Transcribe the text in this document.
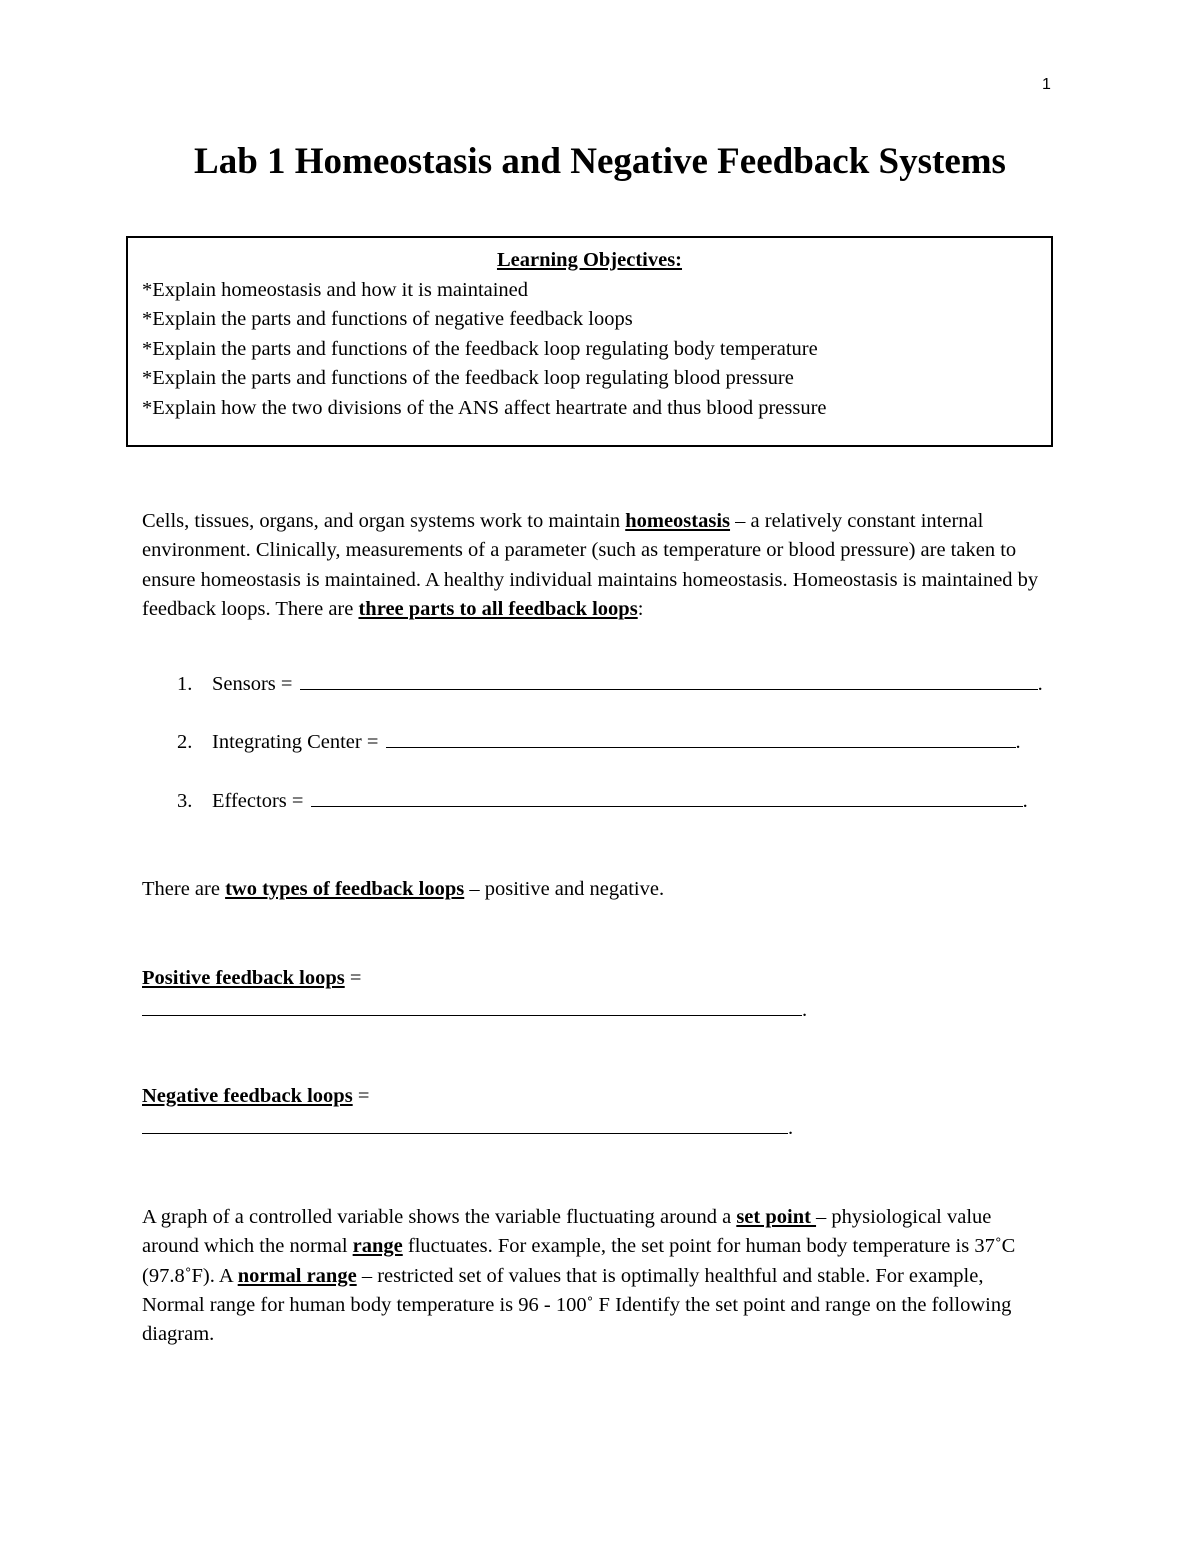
1
Lab 1 Homeostasis and Negative Feedback Systems
Learning Objectives:
*Explain homeostasis and how it is maintained
*Explain the parts and functions of negative feedback loops
*Explain the parts and functions of the feedback loop regulating body temperature
*Explain the parts and functions of the feedback loop regulating blood pressure
*Explain how the two divisions of the ANS affect heartrate and thus blood pressure

Cells, tissues, organs, and organ systems work to maintain homeostasis – a relatively constant internal environment. Clinically, measurements of a parameter (such as temperature or blood pressure) are taken to ensure homeostasis is maintained. A healthy individual maintains homeostasis. Homeostasis is maintained by feedback loops. There are three parts to all feedback loops:

1. Sensors =	.
2. Integrating Center =	.
3. Effectors =	.

There are two types of feedback loops – positive and negative.

Positive feedback loops =
.
Negative feedback loops =
.

A graph of a controlled variable shows the variable fluctuating around a set point – physiological value around which the normal range fluctuates. For example, the set point for human body temperature is 37˚C (97.8˚F). A normal range – restricted set of values that is optimally healthful and stable. For example, Normal range for human body temperature is 96 - 100˚ F Identify the set point and range on the following diagram.
